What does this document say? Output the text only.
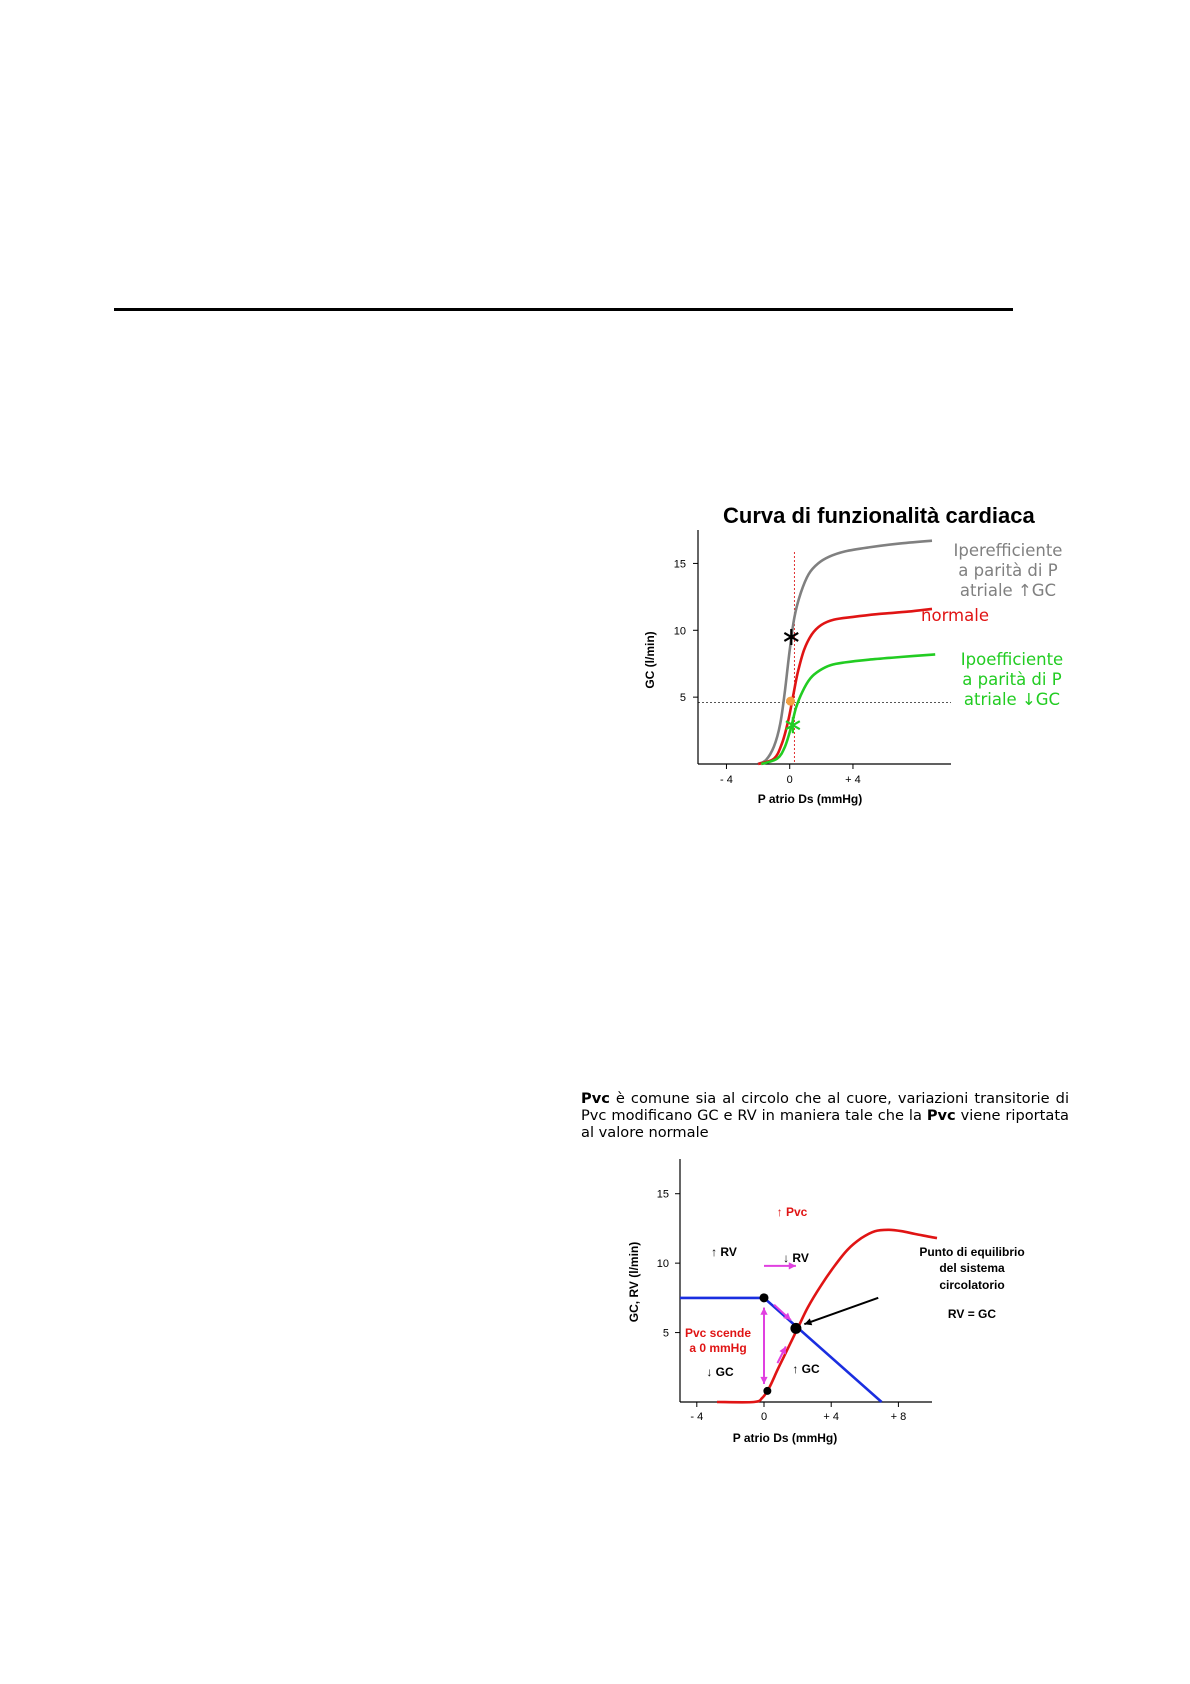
Curva di funzionalità cardiaca
5
10
15
- 4	0	+ 4
P atrio Ds (mmHg)
GC (l/min)
Iperefficiente
a parità di P
atriale ↑GC
normale
Ipoefficiente
a parità di P
atriale ↓GC
5
10
15
- 4	0	+ 4	+ 8
P atrio Ds (mmHg)
GC, RV (l/min)
↑ Pvc
↑ RV	↓ RV
Pvc scende
a 0 mmHg
↓ GC	↑ GC
Punto di equilibrio
del sistema
circolatorio
RV = GC
Pvc è comune sia al circolo che al cuore, variazioni transitorie di Pvc modificano GC e RV in maniera tale che la Pvc viene riportata al valore normale
